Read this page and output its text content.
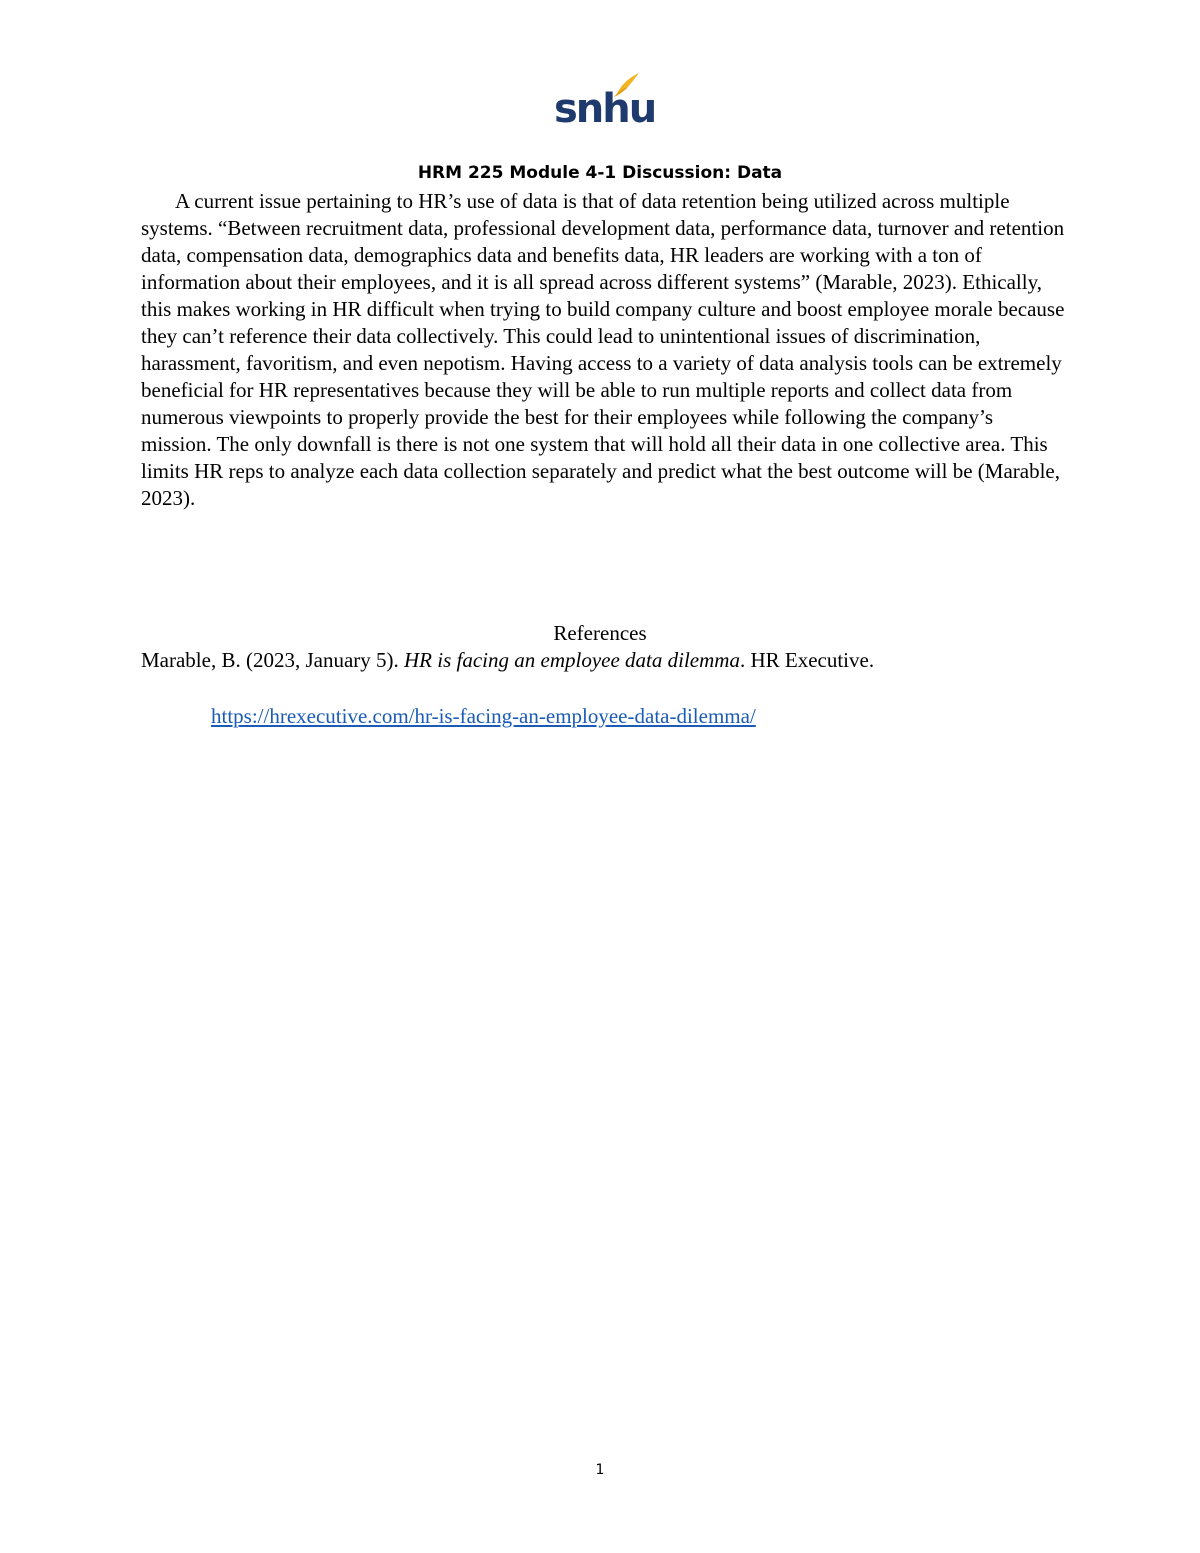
snhu
HRM 225 Module 4-1 Discussion: Data

A current issue pertaining to HR’s use of data is that of data retention being utilized across multiple systems. “Between recruitment data, professional development data, performance data, turnover and retention data, compensation data, demographics data and benefits data, HR leaders are working with a ton of information about their employees, and it is all spread across different systems” (Marable, 2023). Ethically, this makes working in HR difficult when trying to build company culture and boost employee morale because they can’t reference their data collectively. This could lead to unintentional issues of discrimination, harassment, favoritism, and even nepotism. Having access to a variety of data analysis tools can be extremely beneficial for HR representatives because they will be able to run multiple reports and collect data from numerous viewpoints to properly provide the best for their employees while following the company’s mission. The only downfall is there is not one system that will hold all their data in one collective area. This limits HR reps to analyze each data collection separately and predict what the best outcome will be (Marable, 2023).

References
Marable, B. (2023, January 5). HR is facing an employee data dilemma. HR Executive.
https://hrexecutive.com/hr-is-facing-an-employee-data-dilemma/
1
